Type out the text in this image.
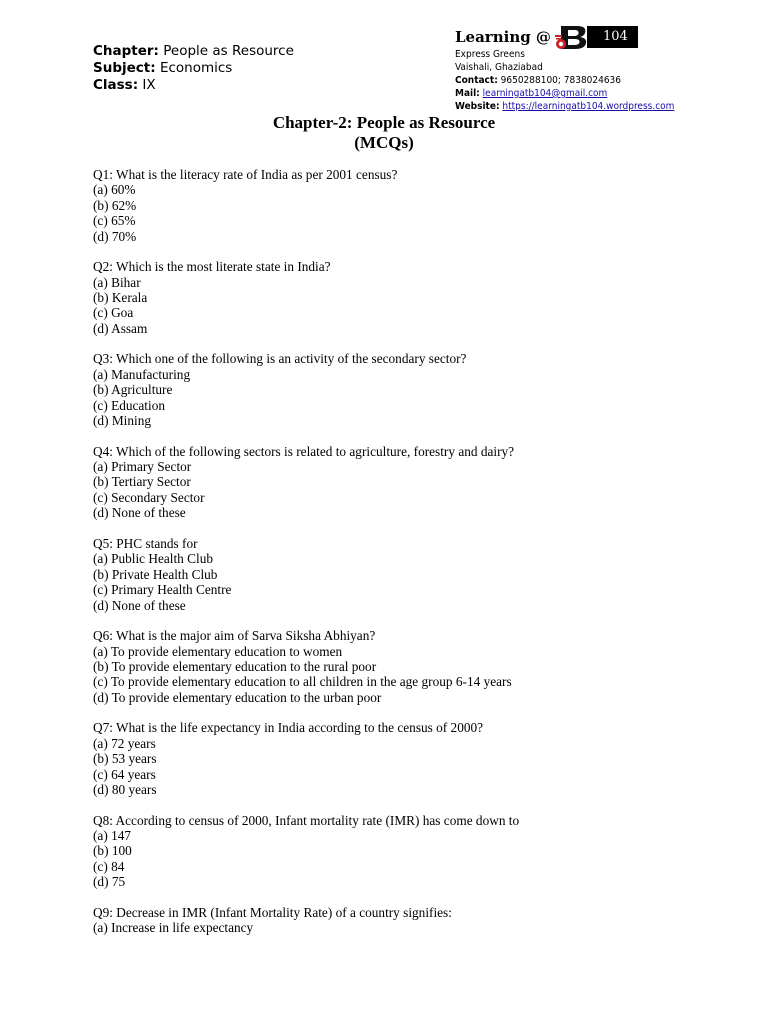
Chapter: People as Resource
Subject: Economics
Class: IX
Learning @	104
Express Greens
Vaishali, Ghaziabad
Contact: 9650288100; 7838024636
Mail: learningatb104@gmail.com
Website: https://learningatb104.wordpress.com
Chapter-2: People as Resource
(MCQs)
Q1: What is the literacy rate of India as per 2001 census?
(a) 60%
(b) 62%
(c) 65%
(d) 70%
Q2: Which is the most literate state in India?
(a) Bihar
(b) Kerala
(c) Goa
(d) Assam
Q3: Which one of the following is an activity of the secondary sector?
(a) Manufacturing
(b) Agriculture
(c) Education
(d) Mining
Q4: Which of the following sectors is related to agriculture, forestry and dairy?
(a) Primary Sector
(b) Tertiary Sector
(c) Secondary Sector
(d) None of these
Q5: PHC stands for
(a) Public Health Club
(b) Private Health Club
(c) Primary Health Centre
(d) None of these
Q6: What is the major aim of Sarva Siksha Abhiyan?
(a) To provide elementary education to women
(b) To provide elementary education to the rural poor
(c) To provide elementary education to all children in the age group 6-14 years
(d) To provide elementary education to the urban poor
Q7: What is the life expectancy in India according to the census of 2000?
(a) 72 years
(b) 53 years
(c) 64 years
(d) 80 years
Q8: According to census of 2000, Infant mortality rate (IMR) has come down to
(a) 147
(b) 100
(c) 84
(d) 75
Q9: Decrease in IMR (Infant Mortality Rate) of a country signifies:
(a) Increase in life expectancy
